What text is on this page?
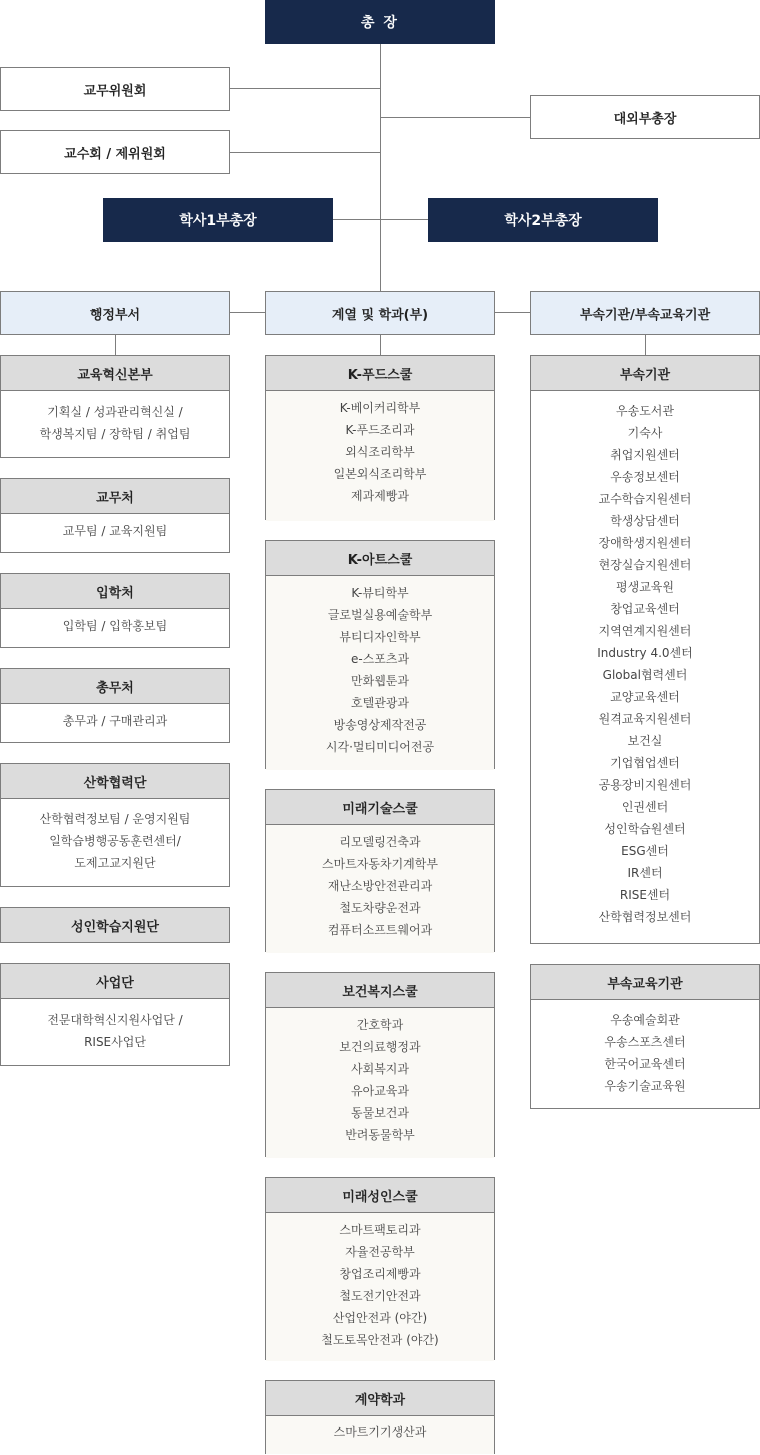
총 장
교무위원회
교수회 / 제위원회
대외부총장
학사1부총장	학사2부총장
행정부서	계열 및 학과(부)	부속기관/부속교육기관
교육혁신본부
기획실 / 성과관리혁신실 /
학생복지팀 / 장학팀 / 취업팀
교무처
교무팀 / 교육지원팀
입학처
입학팀 / 입학홍보팀
총무처
총무과 / 구매관리과
산학협력단
산학협력정보팀 / 운영지원팀
일학습병행공동훈련센터/
도제고교지원단
성인학습지원단
사업단
전문대학혁신지원사업단 /
RISE사업단
K-푸드스쿨
K-베이커리학부
K-푸드조리과
외식조리학부
일본외식조리학부
제과제빵과
K-아트스쿨
K-뷰티학부
글로벌실용예술학부
뷰티디자인학부
e-스포츠과
만화웹툰과
호텔관광과
방송영상제작전공
시각·멀티미디어전공
미래기술스쿨
리모델링건축과
스마트자동차기계학부
재난소방안전관리과
철도차량운전과
컴퓨터소프트웨어과
보건복지스쿨
간호학과
보건의료행정과
사회복지과
유아교육과
동물보건과
반려동물학부
미래성인스쿨
스마트팩토리과
자율전공학부
창업조리제빵과
철도전기안전과
산업안전과 (야간)
철도토목안전과 (야간)
계약학과
스마트기기생산과
부속기관
우송도서관
기숙사
취업지원센터
우송정보센터
교수학습지원센터
학생상담센터
장애학생지원센터
현장실습지원센터
평생교육원
창업교육센터
지역연계지원센터
Industry 4.0센터
Global협력센터
교양교육센터
원격교육지원센터
보건실
기업협업센터
공용장비지원센터
인권센터
성인학습원센터
ESG센터
IR센터
RISE센터
산학협력정보센터
부속교육기관
우송예술회관
우송스포츠센터
한국어교육센터
우송기술교육원
